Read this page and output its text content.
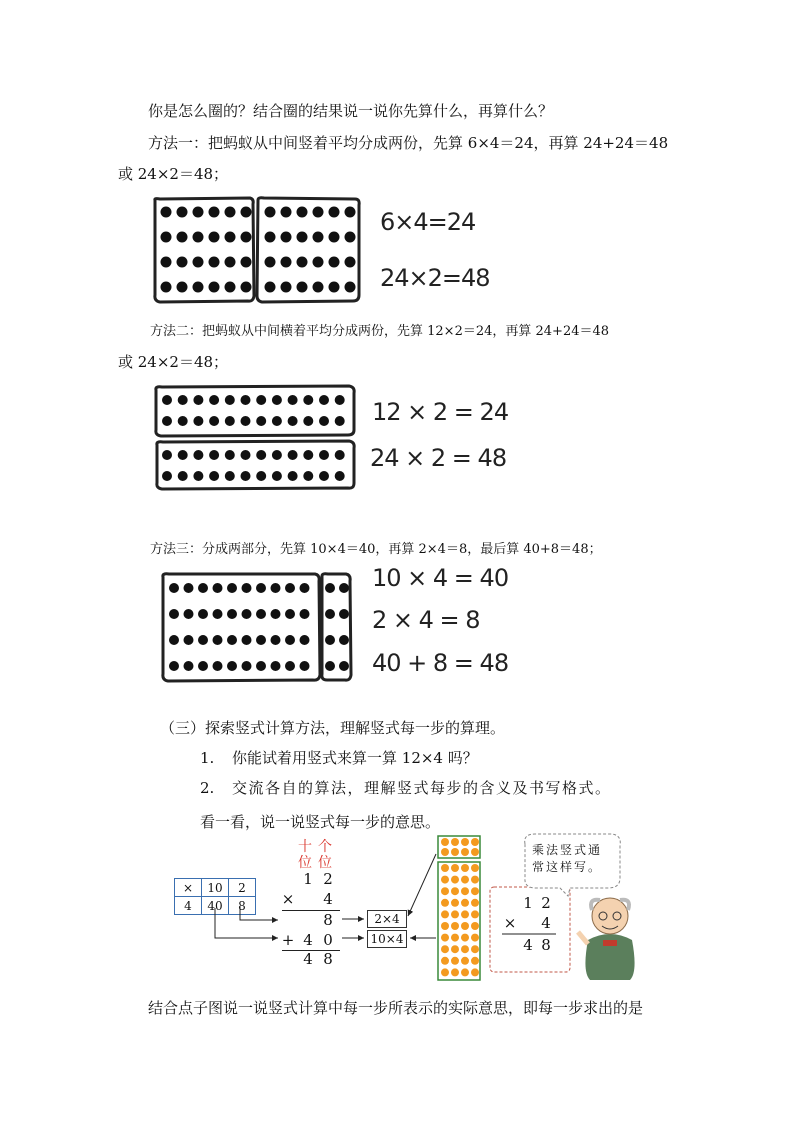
你是怎么圈的？结合圈的结果说一说你先算什么，再算什么？
方法一：把蚂蚁从中间竖着平均分成两份，先算 6×4＝24，再算 24+24＝48
或 24×2＝48；
6×4=24
24×2=48
方法二：把蚂蚁从中间横着平均分成两份，先算 12×2＝24，再算 24+24＝48
或 24×2＝48；
12 × 2 = 24
24 × 2 = 48
方法三：分成两部分，先算 10×4＝40，再算 2×4＝8，最后算 40+8＝48；
10 × 4 = 40
2 × 4 = 8
40 + 8 = 48
（三）探索竖式计算方法，理解竖式每一步的算理。
1. 你能试着用竖式来算一算 12×4 吗？
2. 交流各自的算法，理解竖式每步的含义及书写格式。
看一看，说一说竖式每一步的意思。
十 个
位 位
×	10	2
4	40	8
1 2
× 4
8
+ 4 0
4 8
2×4
10×4
乘法竖式通
常这样写。
1 2
× 4
4 8
结合点子图说一说竖式计算中每一步所表示的实际意思，即每一步求出的是
